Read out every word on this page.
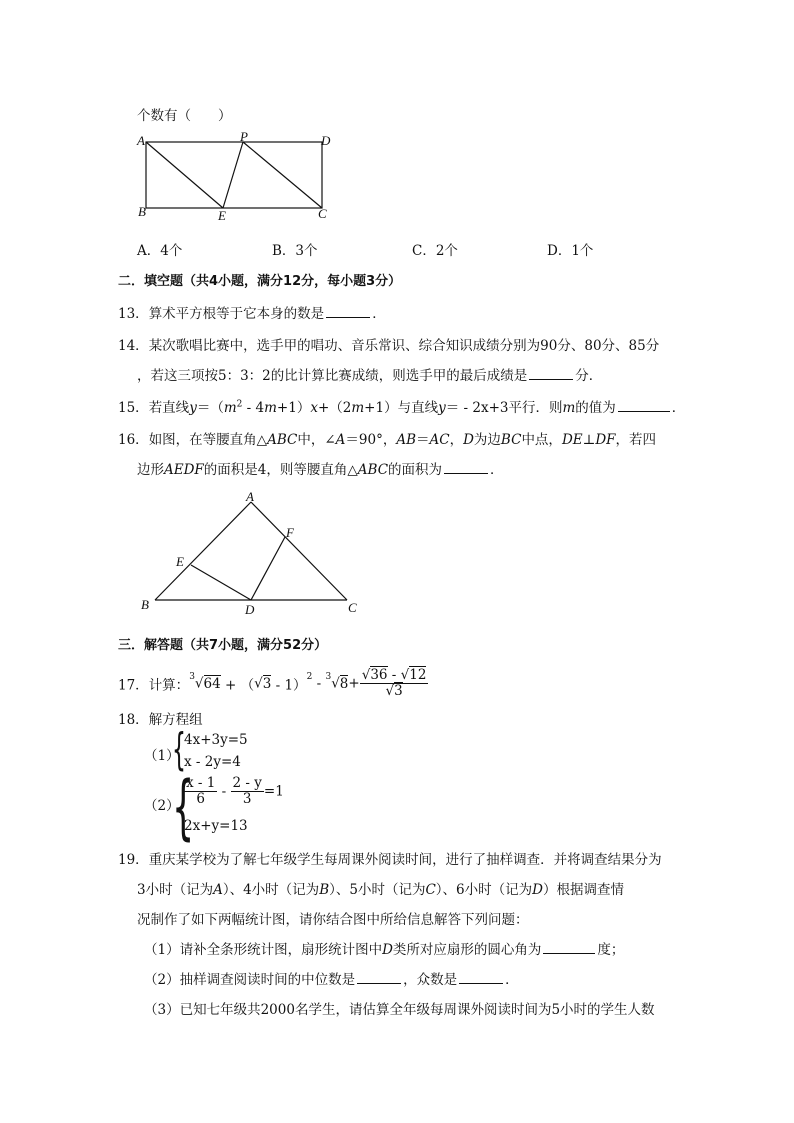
个数有（　　）
A	P	D
B	E	C
A．4个	B．3个	C．2个	D．1个
二．填空题（共4小题，满分12分，每小题3分）
13．算术平方根等于它本身的数是	．
14．某次歌唱比赛中，选手甲的唱功、音乐常识、综合知识成绩分别为90分、80分、85分
，若这三项按5：3：2的比计算比赛成绩，则选手甲的最后成绩是	分．
15．若直线$y=(m^2 - 4m+1)x+(2m+1)$与直线y＝ - 2x+3平行．则m的值为	．
16．如图，在等腰直角△ABC中，∠A＝90°，AB＝AC，D为边BC中点，DE⊥DF，若四
边形AEDF的面积是4，则等腰直角△ABC的面积为	．
A
F
E
B	D	C
三．解答题（共7小题，满分52分）
17．计算：$^3√64 + (√3 - 1)^2 - ^3√8+ \frac{√36 - √12}{√3}$
18．解方程组
（1）
{
4x+3y=5
x - 2y=4
（2）
{
$\frac{x - 1}{6} - \frac{2 - y}{3} =1$
2x+y=13
19．重庆某学校为了解七年级学生每周课外阅读时间，进行了抽样调查．并将调查结果分为
3小时（记为A）、4小时（记为B）、5小时（记为C）、6小时（记为D）根据调查情
况制作了如下两幅统计图，请你结合图中所给信息解答下列问题：
（1）请补全条形统计图，扇形统计图中D类所对应扇形的圆心角为	度；
（2）抽样调查阅读时间的中位数是	，众数是	．
（3）已知七年级共2000名学生，请估算全年级每周课外阅读时间为5小时的学生人数
